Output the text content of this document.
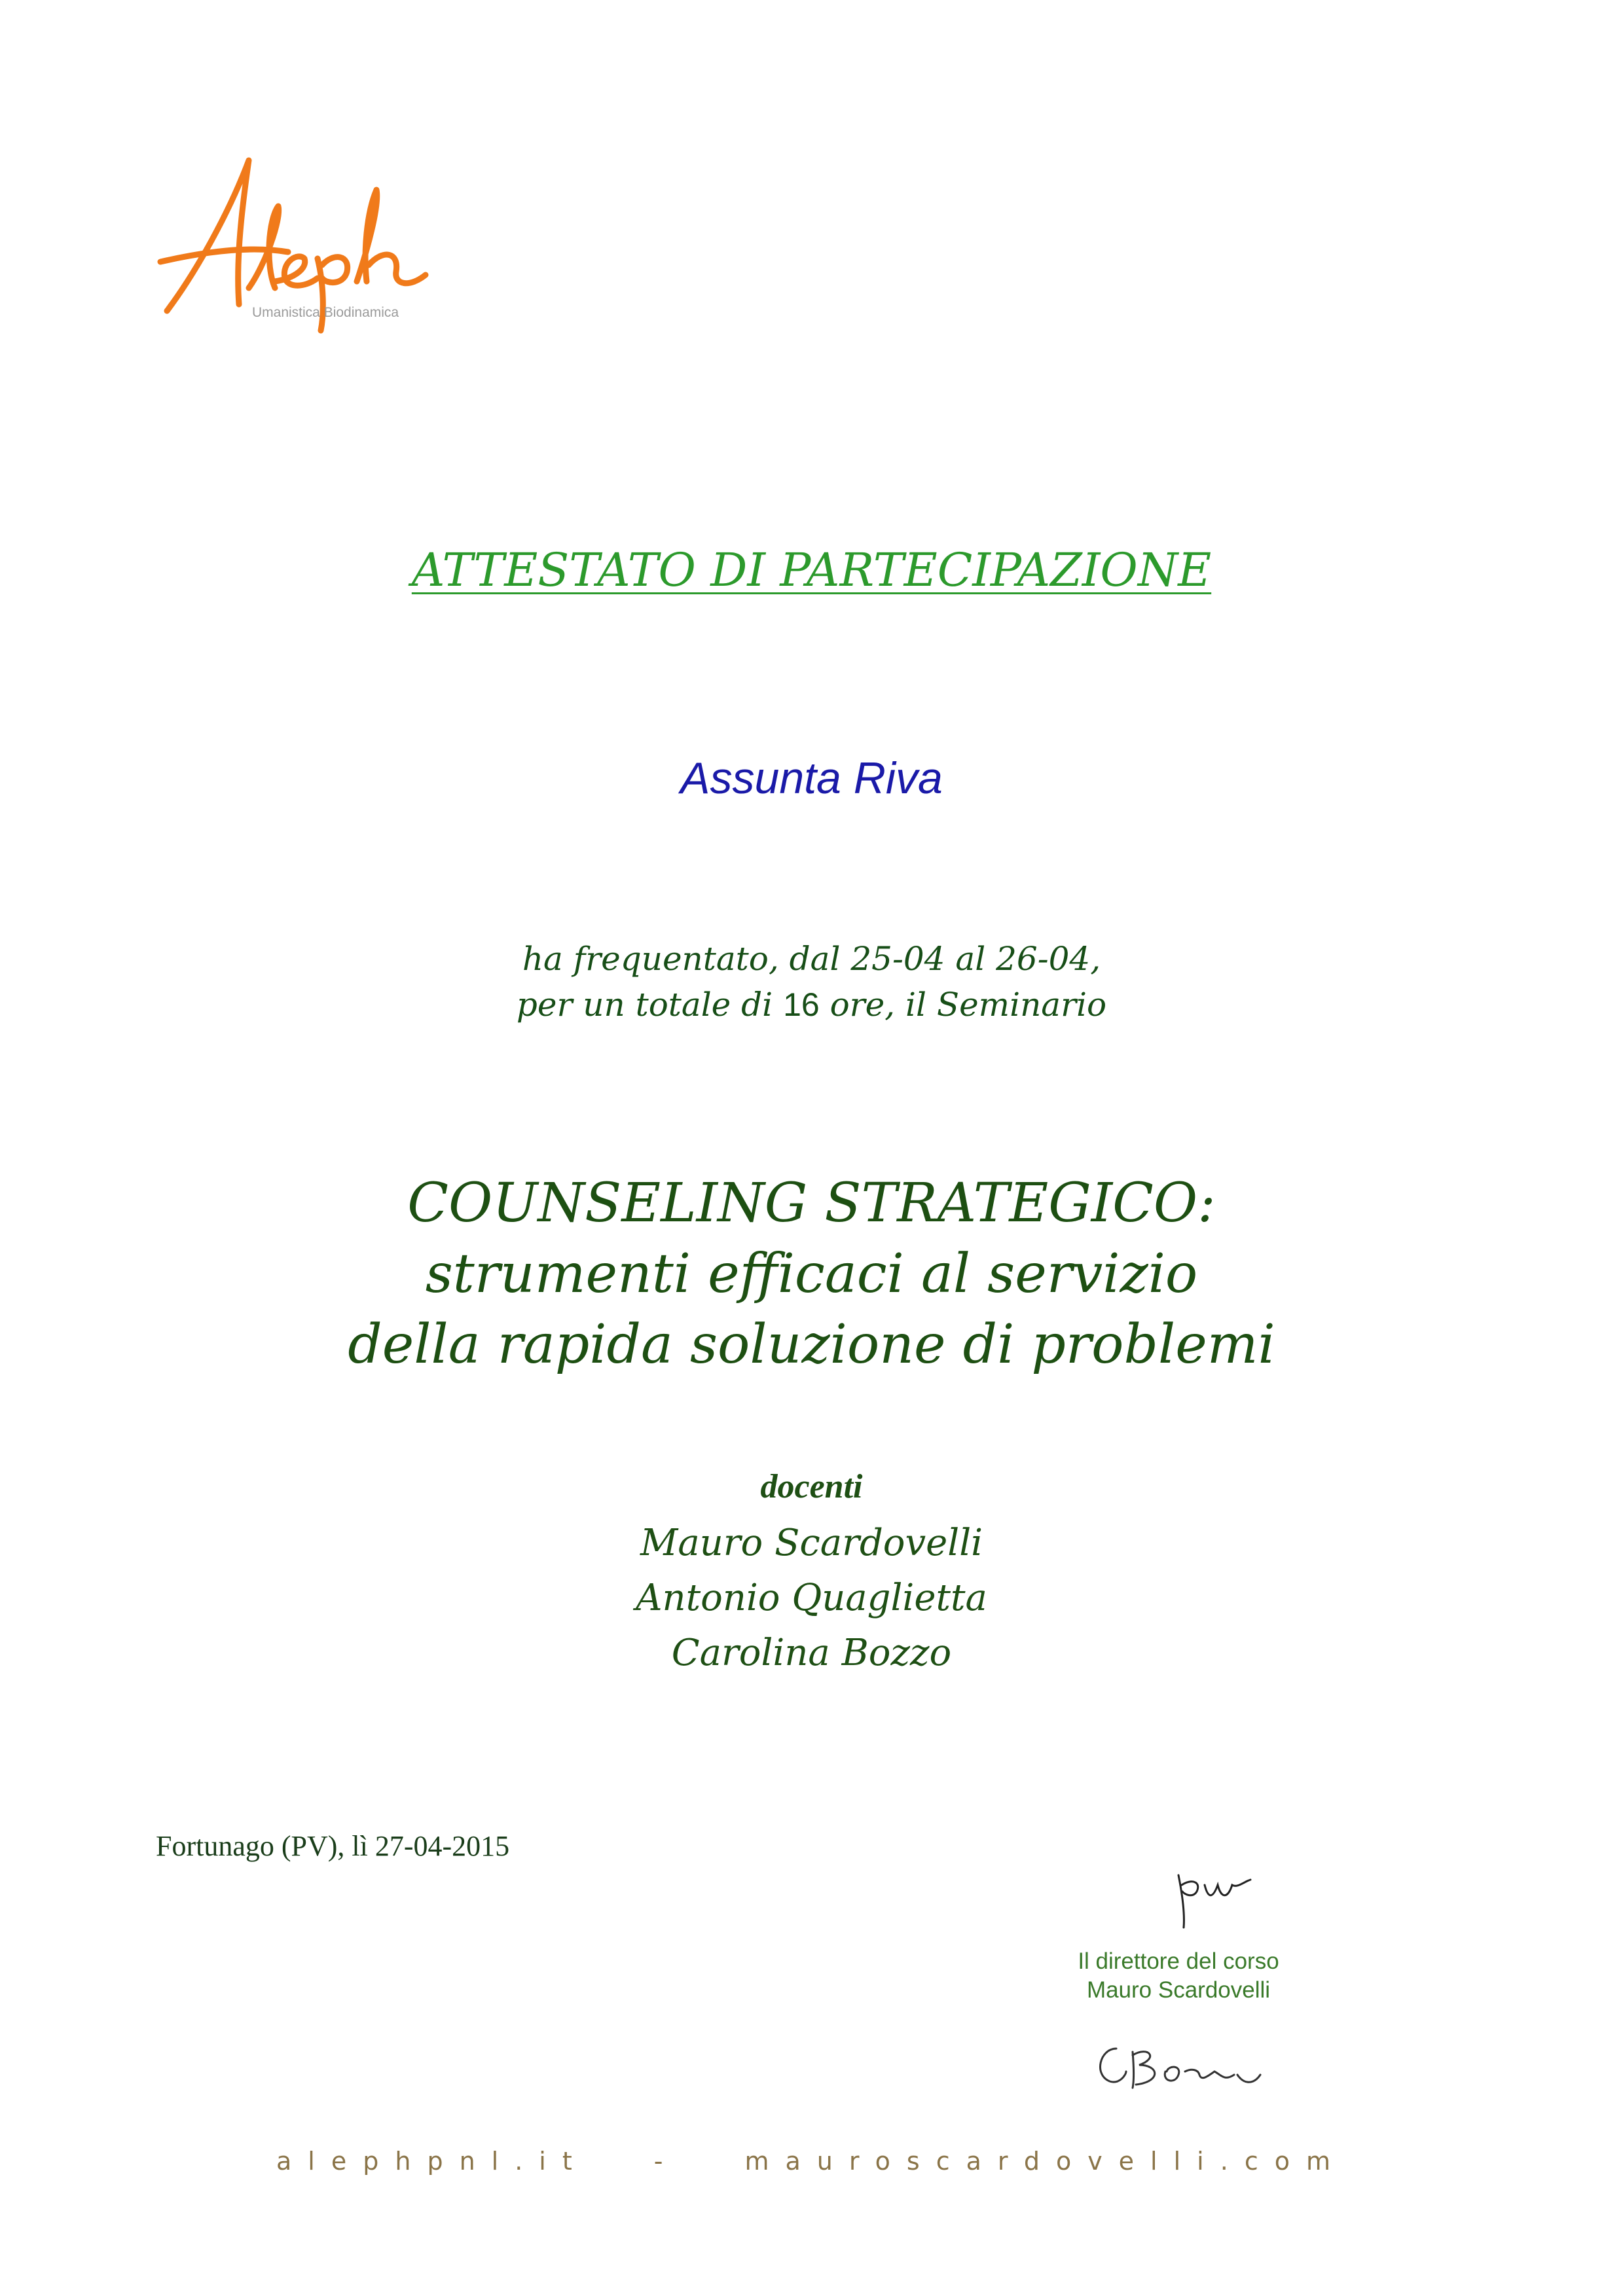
Umanistica Biodinamica
ATTESTATO DI PARTECIPAZIONE
Assunta Riva
ha frequentato, dal 25-04 al 26-04,
per un totale di 16 ore, il Seminario
COUNSELING STRATEGICO:
strumenti efficaci al servizio
della rapida soluzione di problemi
docenti
Mauro Scardovelli
Antonio Quaglietta
Carolina Bozzo
Fortunago (PV), lì 27-04-2015
Il direttore del corso
Mauro Scardovelli
alephpnl.it	-	mauroscardovelli.com
